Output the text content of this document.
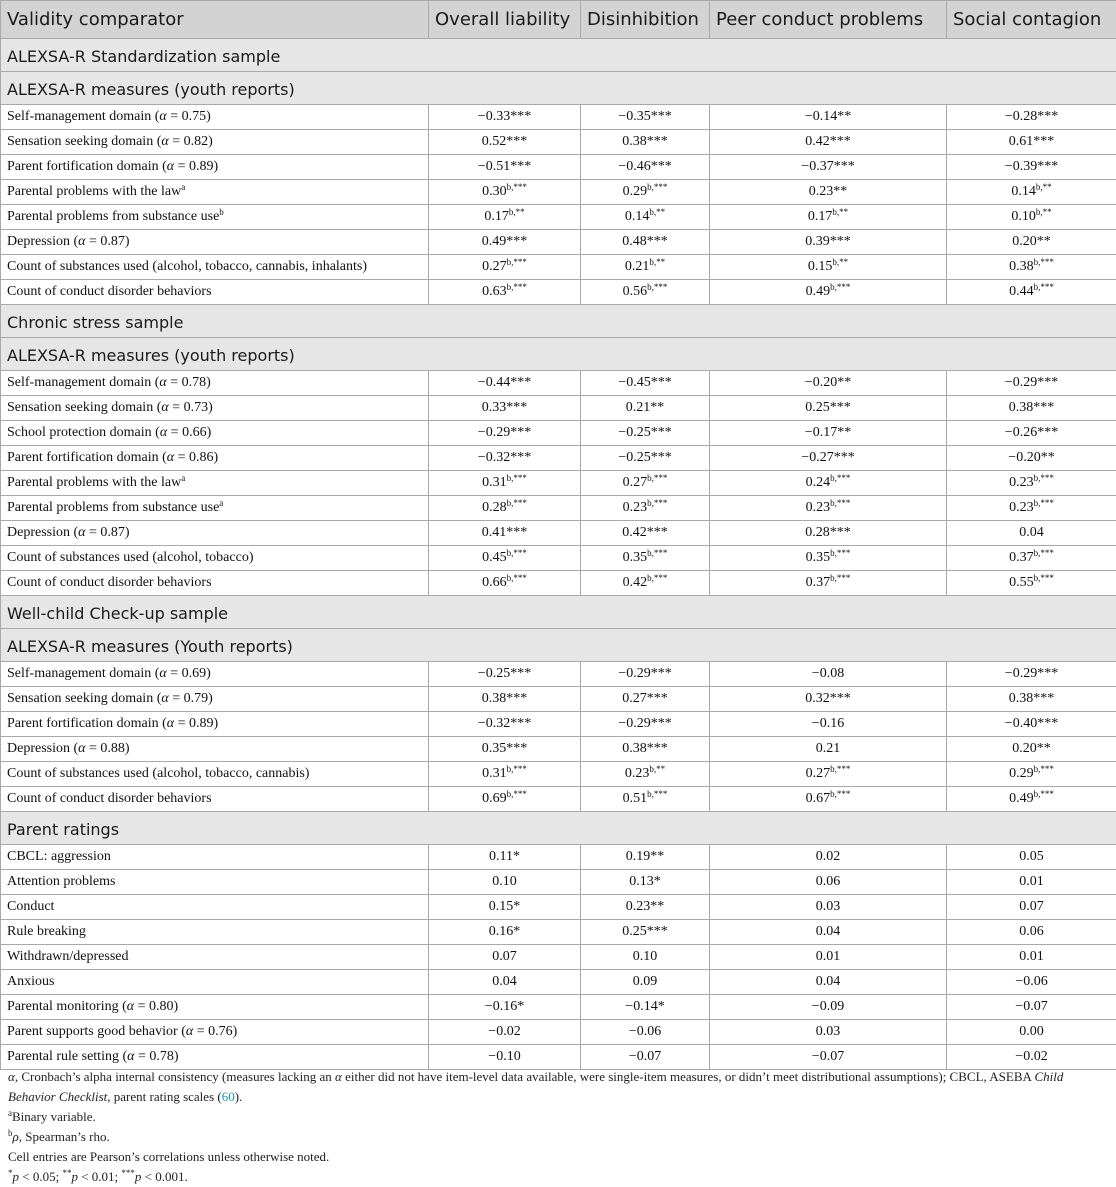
Validity comparator	Overall liability	Disinhibition	Peer conduct problems	Social contagion
ALEXSA-R Standardization sample				
ALEXSA-R measures (youth reports)				
Self-management domain (α = 0.75)	−0.33***	−0.35***	−0.14**	−0.28***
Sensation seeking domain (α = 0.82)	0.52***	0.38***	0.42***	0.61***
Parent fortification domain (α = 0.89)	−0.51***	−0.46***	−0.37***	−0.39***
Parental problems with the law$^a$	$0.30^{b,***}$	$0.29^{b,***}$	0.23**	$0.14^{b,**}$
Parental problems from substance use$^b$	$0.17^{b,**}$	$0.14^{b,**}$	$0.17^{b,**}$	$0.10^{b,**}$
Depression (α = 0.87)	0.49***	0.48***	0.39***	0.20**
Count of substances used (alcohol, tobacco, cannabis, inhalants)	$0.27^{b,***}$	$0.21^{b,**}$	$0.15^{b,**}$	$0.38^{b,***}$
Count of conduct disorder behaviors	$0.63^{b,***}$	$0.56^{b,***}$	$0.49^{b,***}$	$0.44^{b,***}$
Chronic stress sample				
ALEXSA-R measures (youth reports)				
Self-management domain (α = 0.78)	−0.44***	−0.45***	−0.20**	−0.29***
Sensation seeking domain (α = 0.73)	0.33***	0.21**	0.25***	0.38***
School protection domain (α = 0.66)	−0.29***	−0.25***	−0.17**	−0.26***
Parent fortification domain (α = 0.86)	−0.32***	−0.25***	−0.27***	−0.20**
Parental problems with the law$^a$	$0.31^{b,***}$	$0.27^{b,***}$	$0.24^{b,***}$	$0.23^{b,***}$
Parental problems from substance use$^a$	$0.28^{b,***}$	$0.23^{b,***}$	$0.23^{b,***}$	$0.23^{b,***}$
Depression (α = 0.87)	0.41***	0.42***	0.28***	0.04
Count of substances used (alcohol, tobacco)	$0.45^{b,***}$	$0.35^{b,***}$	$0.35^{b,***}$	$0.37^{b,***}$
Count of conduct disorder behaviors	$0.66^{b,***}$	$0.42^{b,***}$	$0.37^{b,***}$	$0.55^{b,***}$
Well-child Check-up sample				
ALEXSA-R measures (Youth reports)				
Self-management domain (α = 0.69)	−0.25***	−0.29***	−0.08	−0.29***
Sensation seeking domain (α = 0.79)	0.38***	0.27***	0.32***	0.38***
Parent fortification domain (α = 0.89)	−0.32***	−0.29***	−0.16	−0.40***
Depression (α = 0.88)	0.35***	0.38***	0.21	0.20**
Count of substances used (alcohol, tobacco, cannabis)	$0.31^{b,***}$	$0.23^{b,**}$	$0.27^{b,***}$	$0.29^{b,***}$
Count of conduct disorder behaviors	$0.69^{b,***}$	$0.51^{b,***}$	$0.67^{b,***}$	$0.49^{b,***}$
Parent ratings				
CBCL: aggression	0.11*	0.19**	0.02	0.05
Attention problems	0.10	0.13*	0.06	0.01
Conduct	0.15*	0.23**	0.03	0.07
Rule breaking	0.16*	0.25***	0.04	0.06
Withdrawn/depressed	0.07	0.10	0.01	0.01
Anxious	0.04	0.09	0.04	−0.06
Parental monitoring (α = 0.80)	−0.16*	−0.14*	−0.09	−0.07
Parent supports good behavior (α = 0.76)	−0.02	−0.06	0.03	0.00
Parental rule setting (α = 0.78)	−0.10	−0.07	−0.07	−0.02
α, Cronbach’s alpha internal consistency (measures lacking an α either did not have item-level data available, were single-item measures, or didn’t meet distributional assumptions); CBCL, ASEBA Child Behavior Checklist, parent rating scales (60).
$^a$Binary variable.
$^b$ρ, Spearman’s rho.
Cell entries are Pearson’s correlations unless otherwise noted.
*p < 0.05; **p < 0.01; ***p < 0.001.
